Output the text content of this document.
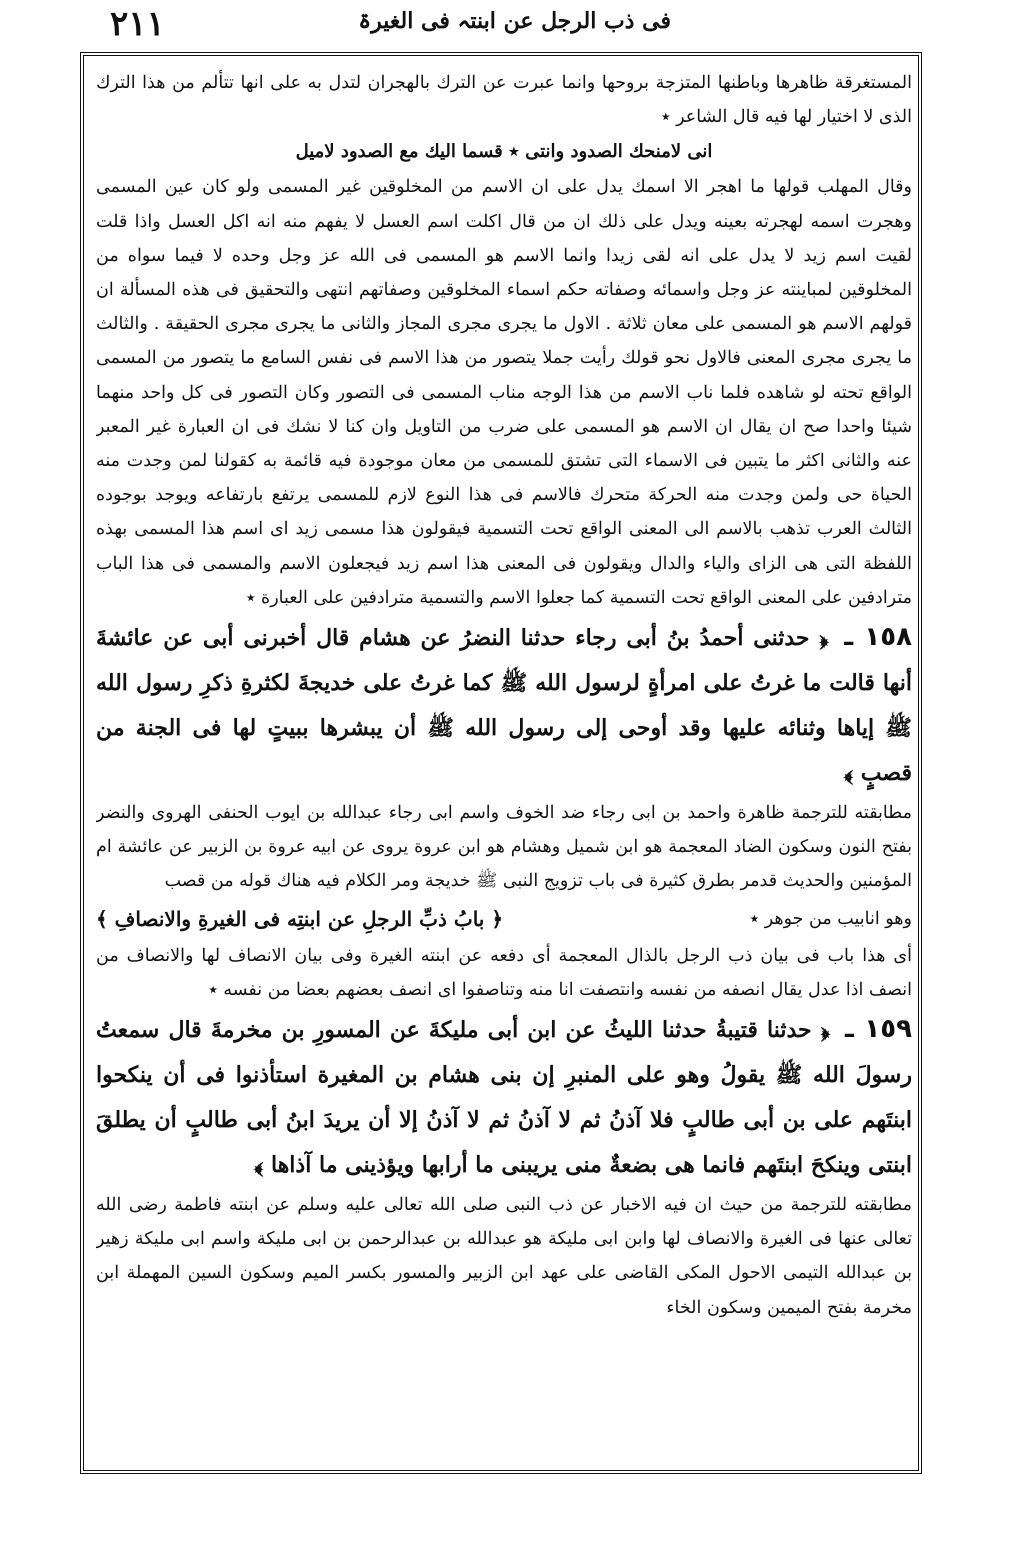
٢١١	فی ذب الرجل عن ابنتہ فی الغیرۃ

المستغرقة ظاهرها وباطنها المتزجة بروحها وانما عبرت عن الترك بالهجران لتدل به على انها تتألم من هذا الترك الذى لا اختيار لها فيه قال الشاعر ٭

انى لامنحك الصدود وانتى ٭ قسما اليك مع الصدود لاميل

وقال المهلب قولها ما اهجر الا اسمك يدل على ان الاسم من المخلوقين غير المسمى ولو كان عين المسمى وهجرت اسمه لهجرته بعينه ويدل على ذلك ان من قال اكلت اسم العسل لا يفهم منه انه اكل العسل واذا قلت لقيت اسم زيد لا يدل على انه لقى زيدا وانما الاسم هو المسمى فى الله عز وجل وحده لا فيما سواه من المخلوقين لمباينته عز وجل واسمائه وصفاته حكم اسماء المخلوقين وصفاتهم انتهى والتحقيق فى هذه المسألة ان قولهم الاسم هو المسمى على معان ثلاثة . الاول ما يجرى مجرى المجاز والثانى ما يجرى مجرى الحقيقة . والثالث ما يجرى مجرى المعنى فالاول نحو قولك رأيت جملا يتصور من هذا الاسم فى نفس السامع ما يتصور من المسمى الواقع تحته لو شاهده فلما ناب الاسم من هذا الوجه مناب المسمى فى التصور وكان التصور فى كل واحد منهما شيئا واحدا صح ان يقال ان الاسم هو المسمى على ضرب من التاويل وان كنا لا نشك فى ان العبارة غير المعبر عنه والثانى اكثر ما يتبين فى الاسماء التى تشتق للمسمى من معان موجودة فيه قائمة به كقولنا لمن وجدت منه الحياة حى ولمن وجدت منه الحركة متحرك فالاسم فى هذا النوع لازم للمسمى يرتفع بارتفاعه ويوجد بوجوده الثالث العرب تذهب بالاسم الى المعنى الواقع تحت التسمية فيقولون هذا مسمى زيد اى اسم هذا المسمى بهذه اللفظة التى هى الزاى والياء والدال ويقولون فى المعنى هذا اسم زيد فيجعلون الاسم والمسمى فى هذا الباب مترادفين على المعنى الواقع تحت التسمية كما جعلوا الاسم والتسمية مترادفين على العبارة ٭

١٥٨ ـ ﴿ حدثنى أحمدُ بنُ أبى رجاء حدثنا النضرُ عن هشام قال أخبرنى أبى عن عائشةَ أنها قالت ما غرتُ على امرأةٍ لرسول الله ﷺ كما غرتُ على خديجةَ لكثرةِ ذكرِ رسول الله ﷺ إياها وثنائه عليها وقد أوحى إلى رسول الله ﷺ أن يبشرها ببيتٍ لها فى الجنة من قصبٍ ﴾

مطابقته للترجمة ظاهرة واحمد بن ابى رجاء ضد الخوف واسم ابى رجاء عبدالله بن ايوب الحنفى الهروى والنضر بفتح النون وسكون الضاد المعجمة هو ابن شميل وهشام هو ابن عروة يروى عن ابيه عروة بن الزبير عن عائشة ام المؤمنين والحديث قدمر بطرق كثيرة فى باب تزويج النبى ﷺ خديجة ومر الكلام فيه هناك قوله من قصب

وهو انابيب من جوهر ٭
﴿ بابُ ذبِّ الرجلِ عن ابنتِه فى الغيرةِ والانصافِ ﴾

أى هذا باب فى بيان ذب الرجل بالذال المعجمة أى دفعه عن ابنته الغيرة وفى بيان الانصاف لها والانصاف من انصف اذا عدل يقال انصفه من نفسه وانتصفت انا منه وتناصفوا اى انصف بعضهم بعضا من نفسه ٭

١٥٩ ـ ﴿ حدثنا قتيبةُ حدثنا الليثُ عن ابن أبى مليكةَ عن المسورِ بن مخرمةَ قال سمعتُ رسولَ الله ﷺ يقولُ وهو على المنبرِ إن بنى هشام بن المغيرة استأذنوا فى أن ينكحوا ابنتَهم على بن أبى طالبٍ فلا آذنُ ثم لا آذنُ ثم لا آذنُ إلا أن يريدَ ابنُ أبى طالبٍ أن يطلقَ ابنتى وينكحَ ابنتَهم فانما هى بضعةٌ منى يريبنى ما أرابها ويؤذينى ما آذاها ﴾

مطابقته للترجمة من حيث ان فيه الاخبار عن ذب النبى صلى الله تعالى عليه وسلم عن ابنته فاطمة رضى الله تعالى عنها فى الغيرة والانصاف لها وابن ابى مليكة هو عبدالله بن عبدالرحمن بن ابى مليكة واسم ابى مليكة زهير بن عبدالله التيمى الاحول المكى القاضى على عهد ابن الزبير والمسور بكسر الميم وسكون السين المهملة ابن مخرمة بفتح الميمين وسكون الخاء
